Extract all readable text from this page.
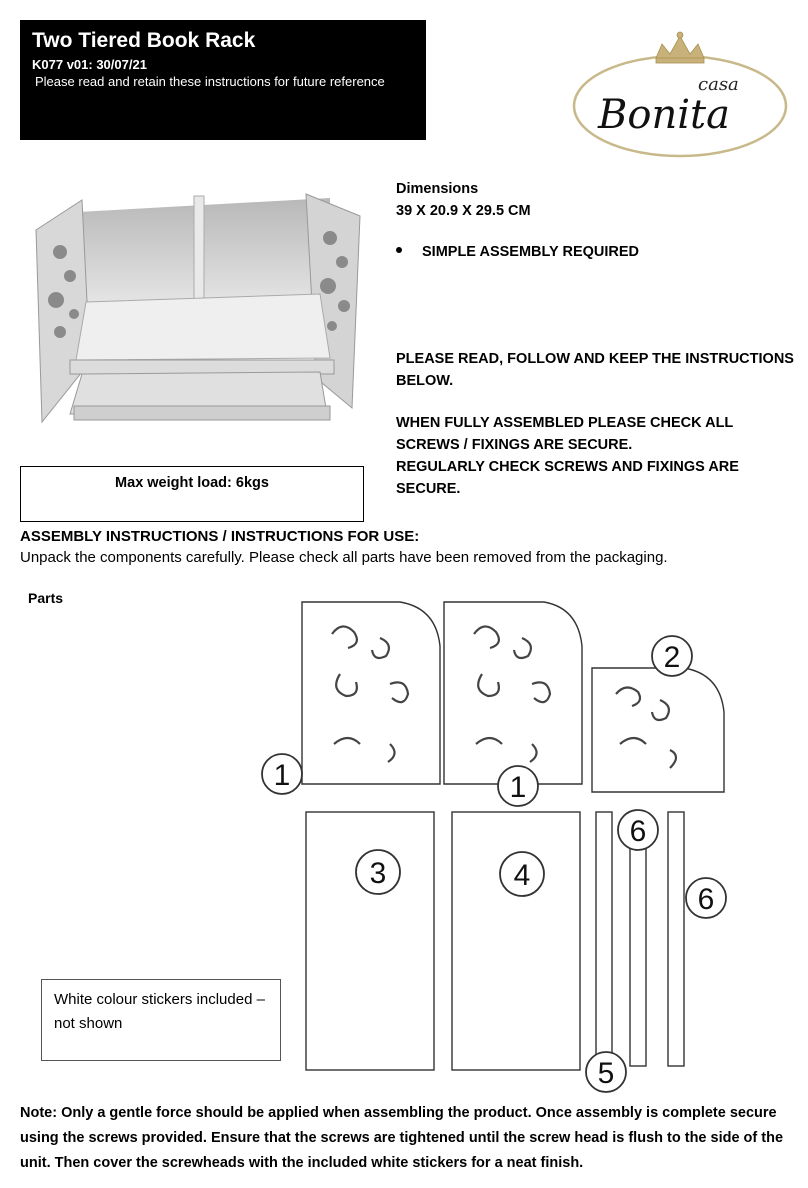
Two Tiered Book Rack
K077 v01: 30/07/21
Please read and retain these instructions for future reference	casa
Bonita
Dimensions
39 X 20.9 X 29.5 CM
SIMPLE ASSEMBLY REQUIRED

PLEASE READ, FOLLOW AND KEEP THE INSTRUCTIONS BELOW.

WHEN FULLY ASSEMBLED PLEASE CHECK ALL SCREWS / FIXINGS ARE SECURE.
REGULARLY CHECK SCREWS AND FIXINGS ARE SECURE.

Max weight load: 6kgs
ASSEMBLY INSTRUCTIONS / INSTRUCTIONS FOR USE:
Unpack the components carefully. Please check all parts have been removed from the packaging.
Parts
1	1
2
3	4
5
6
6
White colour stickers included – not shown
Note: Only a gentle force should be applied when assembling the product. Once assembly is complete secure using the screws provided. Ensure that the screws are tightened until the screw head is flush to the side of the unit. Then cover the screwheads with the included white stickers for a neat finish.
